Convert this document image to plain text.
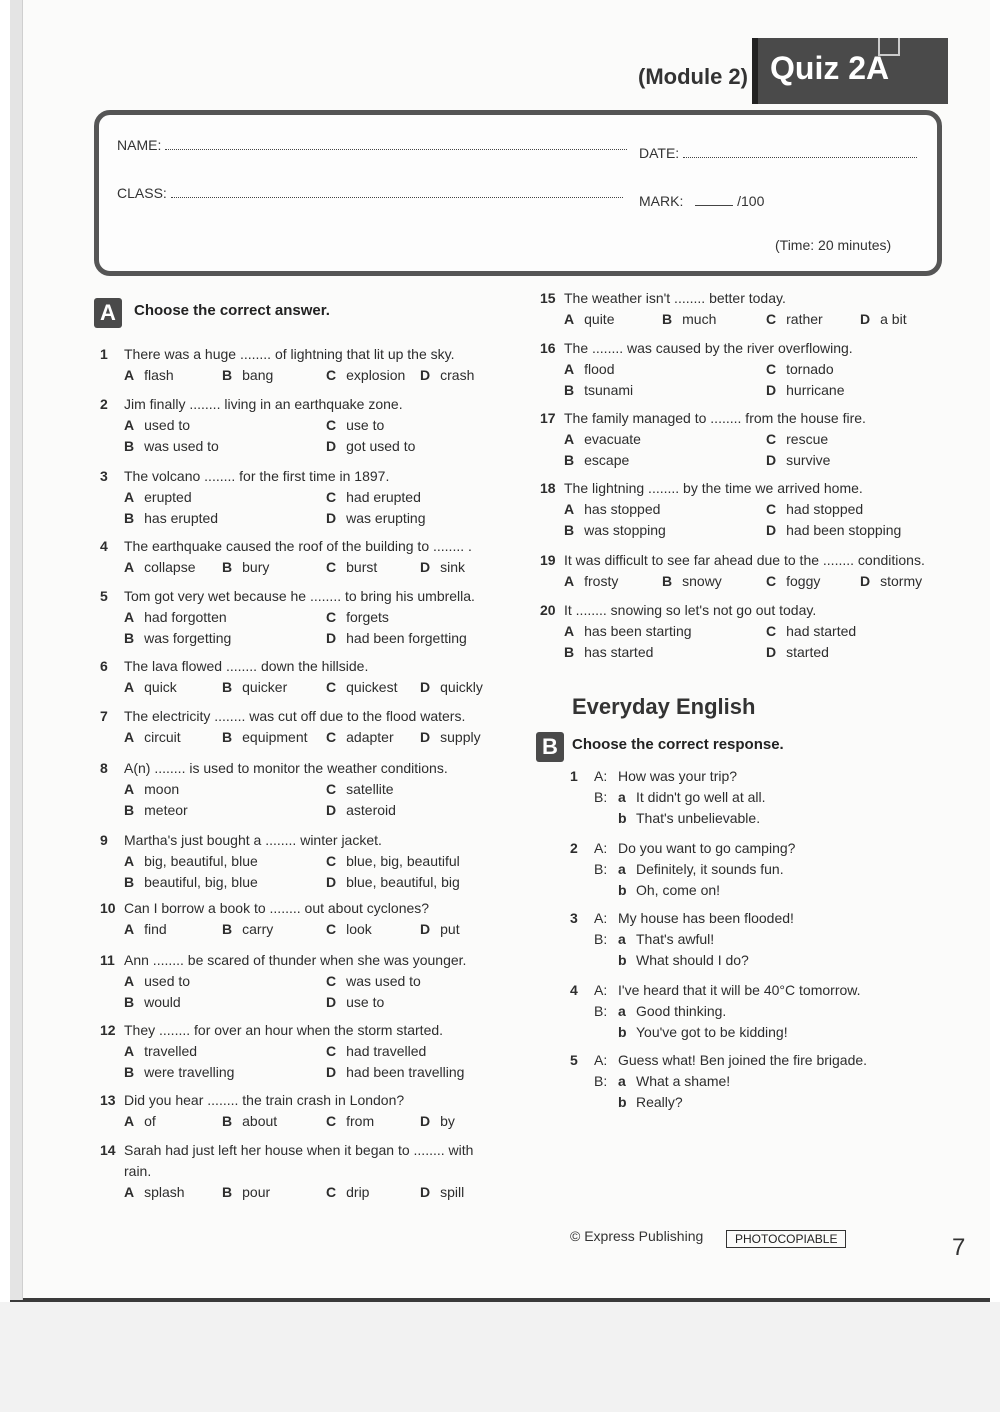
(Module 2) Quiz 2A
NAME:	DATE:
CLASS:	MARK:	/100
(Time: 20 minutes)
A	Choose the correct answer.
Everyday English
B Choose the correct response.
© Express Publishing	PHOTOCOPIABLE	7
1 There was a huge ........ of lightning that lit up the sky.
A flash	B bang	C explosion D crash
2 Jim finally ........ living in an earthquake zone.
A used to	C use to
B was used to	D got used to
3 The volcano ........ for the first time in 1897.
A erupted	C had erupted
B has erupted	D was erupting
4 The earthquake caused the roof of the building to ........ .
A collapse B bury	C burst	D sink
5 Tom got very wet because he ........ to bring his umbrella.
A had forgotten	C forgets
B was forgetting	D had been forgetting
6 The lava flowed ........ down the hillside.
A quick	B quicker	C quickest D quickly
7 The electricity ........ was cut off due to the flood waters.
A circuit	B equipment C adapter D supply
8 A(n) ........ is used to monitor the weather conditions.
A moon	C satellite
B meteor	D asteroid
9 Martha's just bought a ........ winter jacket.
A big, beautiful, blue	C blue, big, beautiful
B beautiful, big, blue	D blue, beautiful, big
10 Can I borrow a book to ........ out about cyclones?
A find	B carry	C look	D put
11 Ann ........ be scared of thunder when she was younger.
A used to	C was used to
B would	D use to
12 They ........ for over an hour when the storm started.
A travelled	C had travelled
B were travelling	D had been travelling
13 Did you hear ........ the train crash in London?
A of	B about	C from	D by
14 Sarah had just left her house when it began to ........ with
rain.
A splash	B pour	C drip	D spill
15 The weather isn't ........ better today.
A quite	B much	C rather	D a bit
16 The ........ was caused by the river overflowing.
A flood	C tornado
B tsunami	D hurricane
17 The family managed to ........ from the house fire.
A evacuate	C rescue
B escape	D survive
18 The lightning ........ by the time we arrived home.
A has stopped	C had stopped
B was stopping	D had been stopping
19 It was difficult to see far ahead due to the ........ conditions.
A frosty	B snowy	C foggy	D stormy
20 It ........ snowing so let's not go out today.
A has been starting	C had started
B has started	D started
1 A: How was your trip?
B: a It didn't go well at all.
b That's unbelievable.
2 A: Do you want to go camping?
B: a Definitely, it sounds fun.
b Oh, come on!
3 A: My house has been flooded!
B: a That's awful!
b What should I do?
4 A: I've heard that it will be 40°C tomorrow.
B: a Good thinking.
b You've got to be kidding!
5 A: Guess what! Ben joined the fire brigade.
B: a What a shame!
b Really?
